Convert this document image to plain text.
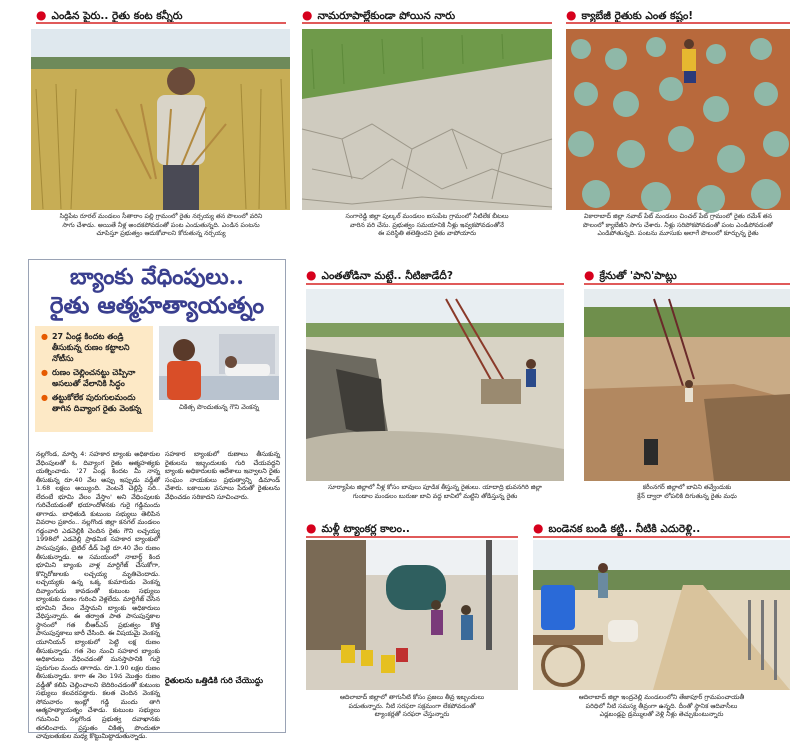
● ఎండిన పైరు.. రైతు కంట కన్నీరు
సిద్దిపేట రూరల్ మండలం సీతారాం పల్లి గ్రామంలో రైతు నర్సయ్య తన పొలంలో వరిని
సాగు చేశాడు. అయితే నీళ్ల అందకపోవడంతో పంట ఎండుతున్నది. ఎండిన పంటను
చూపిస్తూ ప్రభుత్వం ఆదుకోవాలని కోరుతున్న నర్సయ్య
● నామరూపాల్లేకుండా పోయిన నారు
సంగారెడ్డి జిల్లా పుల్కల్ మండలం ఐసుపేట గ్రామంలో నీటిలేక బీటలు
వారిన వరి చేను. ప్రభుత్వం సమయానికి నీళ్లు ఇవ్వకపోవడంతోనే
ఈ పరిస్థితి తలెత్తిందని రైతు వాపోయారు
● క్యాబేజీ రైతుకు ఎంత కష్టం!
వికారాబాద్ జిల్లా నవాబ్ పేట్ మండలం చించల్ పేట్ గ్రామంలో రైతు రమేశ్ తన
పొలంలో క్యాబేజీని సాగు చేశారు. నీళ్లు సరిపోకపోవడంతో పంట ఎండిపోవడంతో
ఎండిపోతున్నది. పంటను మూసుకు అలాగే పొలంలో కూర్చున్న రైతు
బ్యాంకు వేధింపులు..
రైతు ఆత్మహత్యాయత్నం
● 27 ఏండ్ల కిందట తండ్రి తీసుకున్న రుణం కట్టాలని నోటీసు
● రుణం చెల్లించనట్టు చెప్పినా అసలుతో వేలానికి సిద్ధం
● తట్టుకోలేక పురుగులమందు తాగిన దివ్యాంగ రైతు వెంకన్న	చికిత్స పొందుతున్న గౌని వెంకన్న

నల్లగొండ, మార్చి 4: సహకార బ్యాంకు అధికారుల వేధింపులతో ఓ దివ్యాంగ రైతు ఆత్మహత్యకు యత్నించాడు. '27 ఏండ్ల కిందట మీ నాన్న తీసుకున్న రూ.40 వేల అప్పు ఇప్పుడు వడ్డీతో 1.68 లక్షలు అయ్యింది. వెంటనే చెల్లిస్తే సరి.. లేదంటే భూమి వేలం వేస్తాం' అని వేధింపులకు గురిచేయడంతో భయాందోళనకు గురై గడ్డిమందు తాగాడు. బాధితుడి కుటుంబ సభ్యులు తెలిపిన వివరాల ప్రకారం.. నల్లగొండ జిల్లా కనగల్ మండలం గడ్డంవారి ఎడవెల్లికి చెందిన రైతు గౌని లచ్చయ్య 1998లో ఎడవెల్లి ప్రాథమిక సహకార బ్యాంకులో పాసుపుస్తకం, టైటిల్ డీడ్ పెట్టి రూ.40 వేల రుణం తీసుకున్నాడు. ఆ సమయంలో నాబార్డ్ కింద భూమిని బ్యాంకు వాళ్ల మార్టిగేజ్ చేసుకోగా, కొన్నిరోజులకు లచ్చయ్య మృతిచెందాడు. లచ్చయ్యకు ఉన్న ఒక్క కుమారుడు వెంకన్న దివ్యాంగుడు కావడంతో కుటుంబ సభ్యులు బ్యాంకుకు రుణం గురించి వెళ్లలేదు. మార్టిగేజ్ చేసిన భూమిని వేలం వేస్తామని బ్యాంకు అధికారులు వేధిస్తున్నారు. ఈ తర్వాత పాత పాసుపుస్తకాల స్థానంలో గత బీఆర్ఎస్ ప్రభుత్వం కొత్త పాసుపుస్తకాలు జారీ చేసింది. ఈ విషయమై వెంకన్న యూనియన్ బ్యాంకులో పెట్టి లక్ష రుణం తీసుకున్నాడు. గత నెల నుంచి సహకార బ్యాంకు అధికారులు వేధించడంతో మనస్తాపానికి గురై పురుగుల మందు తాగాడు. రూ.1.90 లక్షల రుణం తీసుకున్నాడు. కాగా ఈ నెల 19న మొత్తం రుణం వడ్డీతో కలిపి చెల్లించాలని బెదిరించడంతో కుటుంబ సభ్యులు కలవరపడ్డారు. కలత చెందిన వెంకన్న సోమవారం ఇంట్లో గడ్డి మందు తాగి ఆత్మహత్యాయత్నం చేశాడు. కుటుంబ సభ్యులు గమనించి నల్లగొండ ప్రభుత్వ దవాఖానకు తరలించారు. ప్రస్తుతం చికిత్స పొందుతూ చావుబతుకుల మధ్య కొట్టుమిట్టాడుతున్నాడు.

సహకార బ్యాంకులో రుణాలు తీసుకున్న రైతులను ఇబ్బందులకు గురి చేయవద్దని బ్యాంకు అధికారులకు ఆదేశాలు ఇవ్వాలని రైతు సంఘం నాయకులు ప్రభుత్వాన్ని డిమాండ్ చేశారు. బకాయిల వసూలు పేరుతో రైతులను వేధించడం సరికాదని సూచించారు.

● ఎంతతోడినా మట్టే.. నీటిజాడేదీ?
సూర్యాపేట జిల్లాలో నీళ్ల కోసం బావులు పూడిక తీస్తున్న రైతులు. యాదాద్రి భువనగిరి జిల్లా
గుండాల మండలం బురుజు బావి వద్ద బావిలో మట్టిని తోడిస్తున్న రైతు
● క్రేనుతో 'పాని'పాట్లు
కరీంనగర్ జిల్లాలో బావిని తవ్వేందుకు
క్రేన్ ద్వారా లోపలికి దిగుతున్న రైతు మధు
● మళ్లీ ట్యాంకర్ల కాలం..
ఆదిలాబాద్ జిల్లాలో తాగునీటి కోసం ప్రజలు తీవ్ర ఇబ్బందులు
పడుతున్నారు. నీటి సరఫరా సక్రమంగా లేకపోవడంతో
ట్యాంకర్లతో సరఫరా చేస్తున్నారు
● బండెనక బండి కట్టి.. నీటికి ఎదురెళ్లి..
ఆదిలాబాద్ జిల్లా ఇంద్రవెల్లి మండలంలోని తేజాపూర్ గ్రామపంచాయతీ
పరిధిలో నీటి సమస్య తీవ్రంగా ఉన్నది. దీంతో స్థానిక ఆదివాసీలు
ఎడ్లబండ్లపై డ్రమ్ములతో వెళ్లి నీళ్లు తెచ్చుకుంటున్నారు
రైతులను ఒత్తిడికి గురి చేయొద్దు
